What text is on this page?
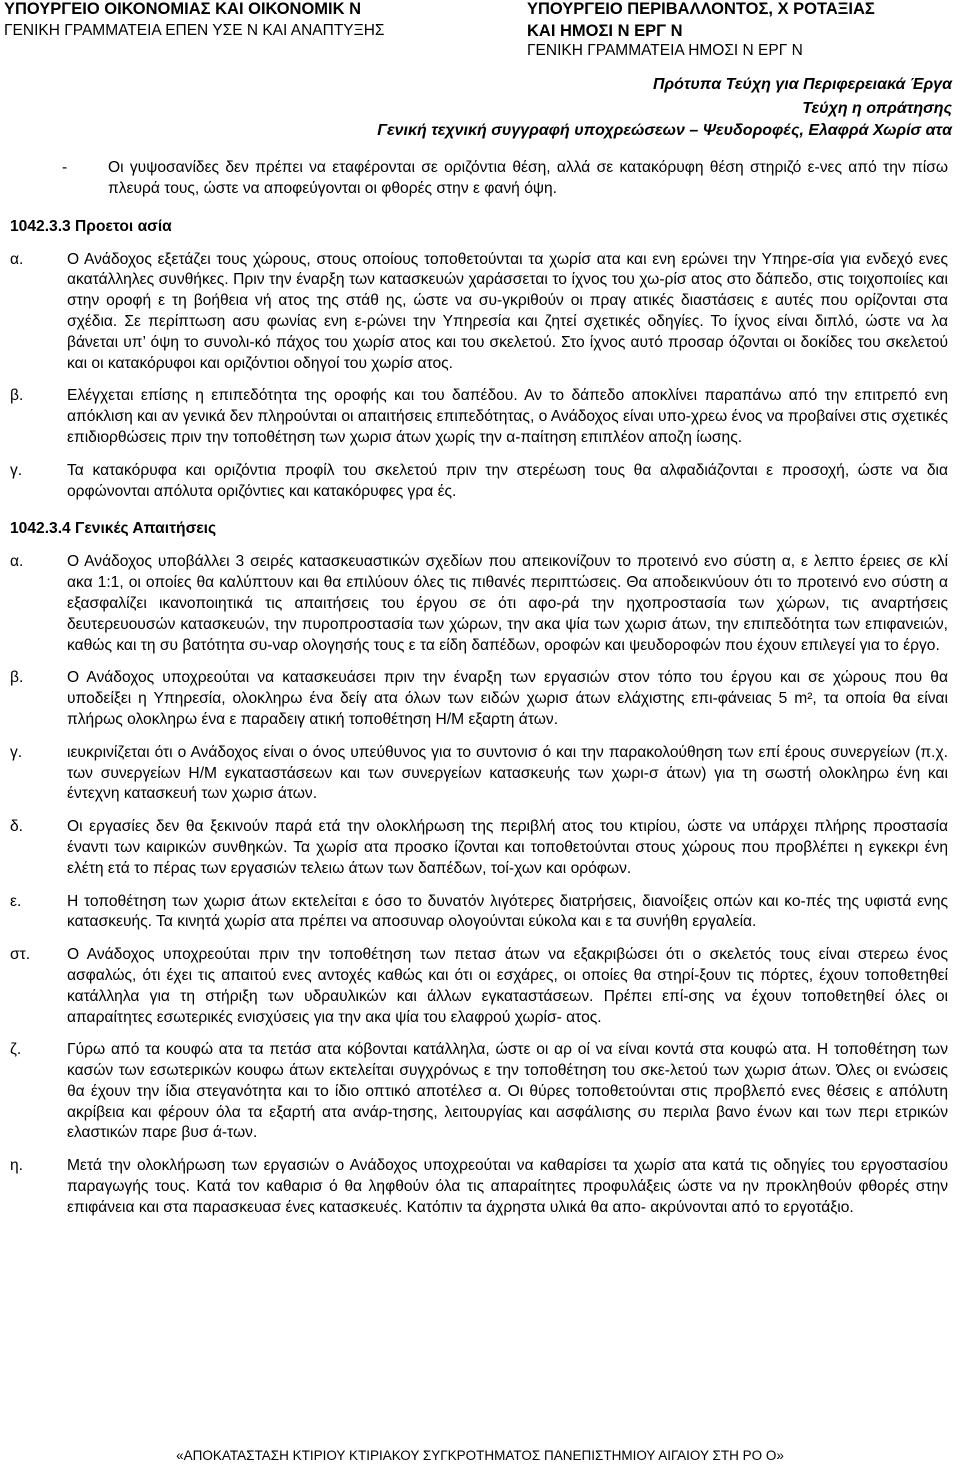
ΥΠΟΥΡΓΕΙΟ ΟΙΚΟΝΟΜΙΑΣ ΚΑΙ ΟΙΚΟΝΟΜΙΚ Ν
ΓΕΝΙΚΗ ΓΡΑΜΜΑΤΕΙΑ ΕΠΕΝ ΥΣΕ Ν ΚΑΙ ΑΝΑΠΤΥΞΗΣ
ΥΠΟΥΡΓΕΙΟ ΠΕΡΙΒΑΛΛΟΝΤΟΣ, Χ ΡΟΤΑΞΙΑΣ
ΚΑΙ ΗΜΟΣΙ Ν ΕΡΓ Ν
ΓΕΝΙΚΗ ΓΡΑΜΜΑΤΕΙΑ ΗΜΟΣΙ Ν ΕΡΓ Ν
Πρότυπα Τεύχη για Περιφερειακά Έργα
Τεύχη η οπράτησης
Γενική τεχνική συγγραφή υποχρεώσεων – Ψευδοροφές, Ελαφρά Χωρίσ ατα
-	Οι γυψοσανίδες δεν πρέπει να εταφέρονται σε οριζόντια θέση, αλλά σε κατακόρυφη θέση στηριζό ε-νες από την πίσω πλευρά τους, ώστε να αποφεύγονται οι φθορές στην ε φανή όψη.
1042.3.3 Προετοι ασία
α.	Ο Ανάδοχος εξετάζει τους χώρους, στους οποίους τοποθετούνται τα χωρίσ ατα και ενη ερώνει την Υπηρε-σία για ενδεχό ενες ακατάλληλες συνθήκες. Πριν την έναρξη των κατασκευών χαράσσεται το ίχνος του χω-ρίσ ατος στο δάπεδο, στις τοιχοποιίες και στην οροφή ε τη βοήθεια νή ατος της στάθ ης, ώστε να συ-γκριθούν οι πραγ ατικές διαστάσεις ε αυτές που ορίζονται στα σχέδια. Σε περίπτωση ασυ φωνίας ενη ε-ρώνει την Υπηρεσία και ζητεί σχετικές οδηγίες. Το ίχνος είναι διπλό, ώστε να λα βάνεται υπ’ όψη το συνολι-κό πάχος του χωρίσ ατος και του σκελετού. Στο ίχνος αυτό προσαρ όζονται οι δοκίδες του σκελετού και οι κατακόρυφοι και οριζόντιοι οδηγοί του χωρίσ ατος.
β.	Ελέγχεται επίσης η επιπεδότητα της οροφής και του δαπέδου. Αν το δάπεδο αποκλίνει παραπάνω από την επιτρεπό ενη απόκλιση και αν γενικά δεν πληρούνται οι απαιτήσεις επιπεδότητας, ο Ανάδοχος είναι υπο-χρεω ένος να προβαίνει στις σχετικές επιδιορθώσεις πριν την τοποθέτηση των χωρισ άτων χωρίς την α-παίτηση επιπλέον αποζη ίωσης.
γ.	Τα κατακόρυφα και οριζόντια προφίλ του σκελετού πριν την στερέωση τους θα αλφαδιάζονται ε προσοχή, ώστε να δια ορφώνονται απόλυτα οριζόντιες και κατακόρυφες γρα ές.
1042.3.4 Γενικές Απαιτήσεις
α.	Ο Ανάδοχος υποβάλλει 3 σειρές κατασκευαστικών σχεδίων που απεικονίζουν το προτεινό ενο σύστη α, ε λεπτο έρειες σε κλί ακα 1:1, οι οποίες θα καλύπτουν και θα επιλύουν όλες τις πιθανές περιπτώσεις. Θα αποδεικνύουν ότι το προτεινό ενο σύστη α εξασφαλίζει ικανοποιητικά τις απαιτήσεις του έργου σε ότι αφο-ρά την ηχοπροστασία των χώρων, τις αναρτήσεις δευτερευουσών κατασκευών, την πυροπροστασία των χώρων, την ακα ψία των χωρισ άτων, την επιπεδότητα των επιφανειών, καθώς και τη συ βατότητα συ-ναρ ολογησής τους ε τα είδη δαπέδων, οροφών και ψευδοροφών που έχουν επιλεγεί για το έργο.
β.	Ο Ανάδοχος υποχρεούται να κατασκευάσει πριν την έναρξη των εργασιών στον τόπο του έργου και σε χώρους που θα υποδείξει η Υπηρεσία, ολοκληρω ένα δείγ ατα όλων των ειδών χωρισ άτων ελάχιστης επι-φάνειας 5 m², τα οποία θα είναι πλήρως ολοκληρω ένα ε παραδειγ ατική τοποθέτηση Η/Μ εξαρτη άτων.
γ.	ιευκρινίζεται ότι ο Ανάδοχος είναι ο όνος υπεύθυνος για το συντονισ ό και την παρακολούθηση των επί έρους συνεργείων (π.χ. των συνεργείων Η/Μ εγκαταστάσεων και των συνεργείων κατασκευής των χωρι-σ άτων) για τη σωστή ολοκληρω ένη και έντεχνη κατασκευή των χωρισ άτων.
δ.	Οι εργασίες δεν θα ξεκινούν παρά ετά την ολοκλήρωση της περιβλή ατος του κτιρίου, ώστε να υπάρχει πλήρης προστασία έναντι των καιρικών συνθηκών. Τα χωρίσ ατα προσκο ίζονται και τοποθετούνται στους χώρους που προβλέπει η εγκεκρι ένη ελέτη ετά το πέρας των εργασιών τελειω άτων των δαπέδων, τοί-χων και ορόφων.
ε.	Η τοποθέτηση των χωρισ άτων εκτελείται ε όσο το δυνατόν λιγότερες διατρήσεις, διανοίξεις οπών και κο-πές της υφιστά ενης κατασκευής. Τα κινητά χωρίσ ατα πρέπει να αποσυναρ ολογούνται εύκολα και ε τα συνήθη εργαλεία.
στ. Ο Ανάδοχος υποχρεούται πριν την τοποθέτηση των πετασ άτων να εξακριβώσει ότι ο σκελετός τους είναι στερεω ένος ασφαλώς, ότι έχει τις απαιτού ενες αντοχές καθώς και ότι οι εσχάρες, οι οποίες θα στηρί-ξουν τις πόρτες, έχουν τοποθετηθεί κατάλληλα για τη στήριξη των υδραυλικών και άλλων εγκαταστάσεων. Πρέπει επί-σης να έχουν τοποθετηθεί όλες οι απαραίτητες εσωτερικές ενισχύσεις για την ακα ψία του ελαφρού χωρίσ- ατος.
ζ.	Γύρω από τα κουφώ ατα τα πετάσ ατα κόβονται κατάλληλα, ώστε οι αρ οί να είναι κοντά στα κουφώ ατα. Η τοποθέτηση των κασών των εσωτερικών κουφω άτων εκτελείται συγχρόνως ε την τοποθέτηση του σκε-λετού των χωρισ άτων. Όλες οι ενώσεις θα έχουν την ίδια στεγανότητα και το ίδιο οπτικό αποτέλεσ α. Οι θύρες τοποθετούνται στις προβλεπό ενες θέσεις ε απόλυτη ακρίβεια και φέρουν όλα τα εξαρτή ατα ανάρ-τησης, λειτουργίας και ασφάλισης συ περιλα βανο ένων και των περι ετρικών ελαστικών παρε βυσ ά-των.
η.	Μετά την ολοκλήρωση των εργασιών ο Ανάδοχος υποχρεούται να καθαρίσει τα χωρίσ ατα κατά τις οδηγίες του εργοστασίου παραγωγής τους. Κατά τον καθαρισ ό θα ληφθούν όλα τις απαραίτητες προφυλάξεις ώστε να ην προκληθούν φθορές στην επιφάνεια και στα παρασκευασ ένες κατασκευές. Κατόπιν τα άχρηστα υλικά θα απο- ακρύνονται από το εργοτάξιο.
«ΑΠΟΚΑΤΑΣΤΑΣΗ ΚΤΙΡΙΟΥ ΚΤΙΡΙΑΚΟΥ ΣΥΓΚΡΟΤΗΜΑΤΟΣ ΠΑΝΕΠΙΣΤΗΜΙΟΥ ΑΙΓΑΙΟΥ ΣΤΗ ΡΟ Ο»
